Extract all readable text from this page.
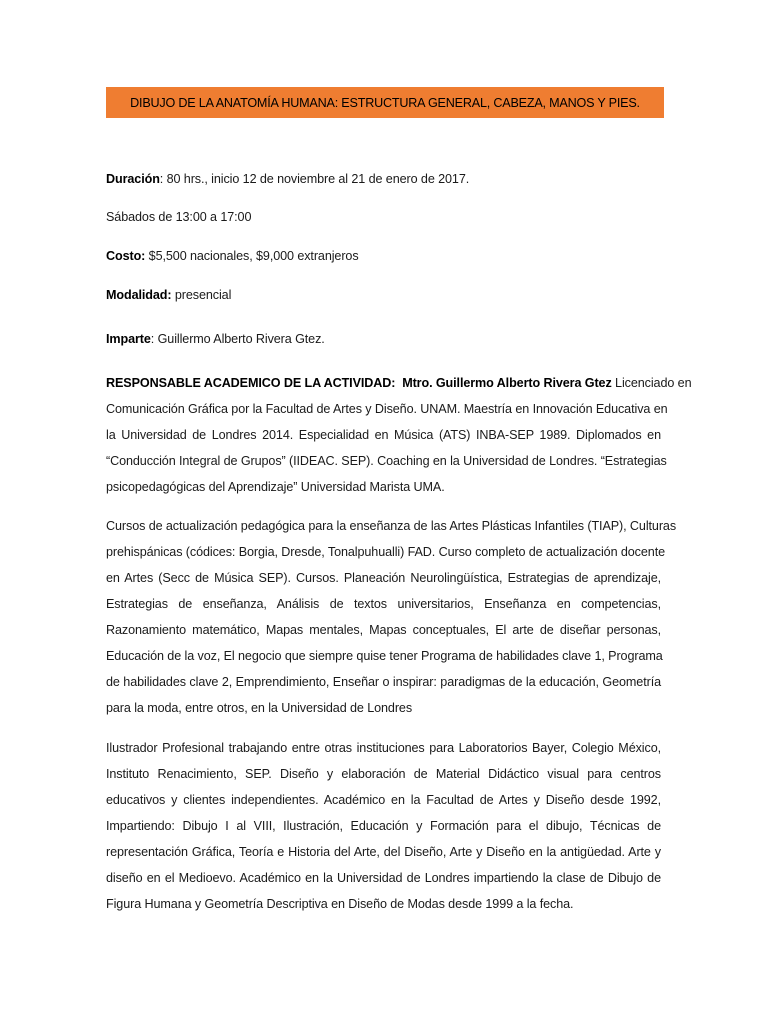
DIBUJO DE LA ANATOMÍA HUMANA: ESTRUCTURA GENERAL, CABEZA, MANOS Y PIES.
Duración: 80 hrs., inicio 12 de noviembre al 21 de enero de 2017.
Sábados de 13:00 a 17:00
Costo: $5,500 nacionales, $9,000 extranjeros
Modalidad: presencial
Imparte: Guillermo Alberto Rivera Gtez.
RESPONSABLE ACADEMICO DE LA ACTIVIDAD:  Mtro. Guillermo Alberto Rivera Gtez Licenciado en
Comunicación Gráfica por la Facultad de Artes y Diseño. UNAM. Maestría en Innovación Educativa en
la Universidad de Londres 2014. Especialidad en Música (ATS) INBA-SEP 1989. Diplomados en
“Conducción Integral de Grupos” (IIDEAC. SEP). Coaching en la Universidad de Londres. “Estrategias
psicopedagógicas del Aprendizaje” Universidad Marista UMA.
Cursos de actualización pedagógica para la enseñanza de las Artes Plásticas Infantiles (TIAP), Culturas
prehispánicas (códices: Borgia, Dresde, Tonalpuhualli) FAD. Curso completo de actualización docente
en Artes (Secc de Música SEP). Cursos. Planeación Neurolingüística, Estrategias de aprendizaje,
Estrategias de enseñanza, Análisis de textos universitarios, Enseñanza en competencias,
Razonamiento matemático, Mapas mentales, Mapas conceptuales, El arte de diseñar personas,
Educación de la voz, El negocio que siempre quise tener Programa de habilidades clave 1, Programa
de habilidades clave 2, Emprendimiento, Enseñar o inspirar: paradigmas de la educación, Geometría
para la moda, entre otros, en la Universidad de Londres
Ilustrador Profesional trabajando entre otras instituciones para Laboratorios Bayer, Colegio México,
Instituto Renacimiento, SEP. Diseño y elaboración de Material Didáctico visual para centros
educativos y clientes independientes. Académico en la Facultad de Artes y Diseño desde 1992,
Impartiendo: Dibujo I al VIII, Ilustración, Educación y Formación para el dibujo, Técnicas de
representación Gráfica, Teoría e Historia del Arte, del Diseño, Arte y Diseño en la antigüedad. Arte y
diseño en el Medioevo. Académico en la Universidad de Londres impartiendo la clase de Dibujo de
Figura Humana y Geometría Descriptiva en Diseño de Modas desde 1999 a la fecha.
